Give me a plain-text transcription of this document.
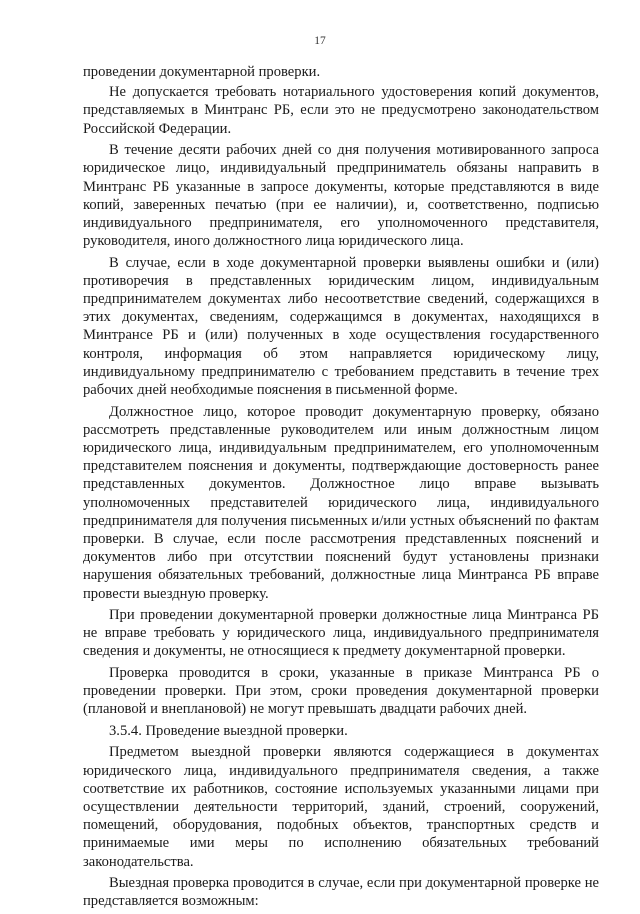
17

проведении документарной проверки.

Не допускается требовать нотариального удостоверения копий документов, представляемых в Минтранс РБ, если это не предусмотрено законодательством Российской Федерации.

В течение десяти рабочих дней со дня получения мотивированного запроса юридическое лицо, индивидуальный предприниматель обязаны направить в Минтранс РБ указанные в запросе документы, которые представляются в виде копий, заверенных печатью (при ее наличии), и, соответственно, подписью индивидуального предпринимателя, его уполномоченного представителя, руководителя, иного должностного лица юридического лица.

В случае, если в ходе документарной проверки выявлены ошибки и (или) противоречия в представленных юридическим лицом, индивидуальным предпринимателем документах либо несоответствие сведений, содержащихся в этих документах, сведениям, содержащимся в документах, находящихся в Минтрансе РБ и (или) полученных в ходе осуществления государственного контроля, информация об этом направляется юридическому лицу, индивидуальному предпринимателю с требованием представить в течение трех рабочих дней необходимые пояснения в письменной форме.

Должностное лицо, которое проводит документарную проверку, обязано рассмотреть представленные руководителем или иным должностным лицом юридического лица, индивидуальным предпринимателем, его уполномоченным представителем пояснения и документы, подтверждающие достоверность ранее представленных документов. Должностное лицо вправе вызывать уполномоченных представителей юридического лица, индивидуального предпринимателя для получения письменных и/или устных объяснений по фактам проверки. В случае, если после рассмотрения представленных пояснений и документов либо при отсутствии пояснений будут установлены признаки нарушения обязательных требований, должностные лица Минтранса РБ вправе провести выездную проверку.

При проведении документарной проверки должностные лица Минтранса РБ не вправе требовать у юридического лица, индивидуального предпринимателя сведения и документы, не относящиеся к предмету документарной проверки.

Проверка проводится в сроки, указанные в приказе Минтранса РБ о проведении проверки. При этом, сроки проведения документарной проверки (плановой и внеплановой) не могут превышать двадцати рабочих дней.

3.5.4. Проведение выездной проверки.

Предметом выездной проверки являются содержащиеся в документах юридического лица, индивидуального предпринимателя сведения, а также соответствие их работников, состояние используемых указанными лицами при осуществлении деятельности территорий, зданий, строений, сооружений, помещений, оборудования, подобных объектов, транспортных средств и принимаемые ими меры по исполнению обязательных требований законодательства.

Выездная проверка проводится в случае, если при документарной проверке не представляется возможным:
